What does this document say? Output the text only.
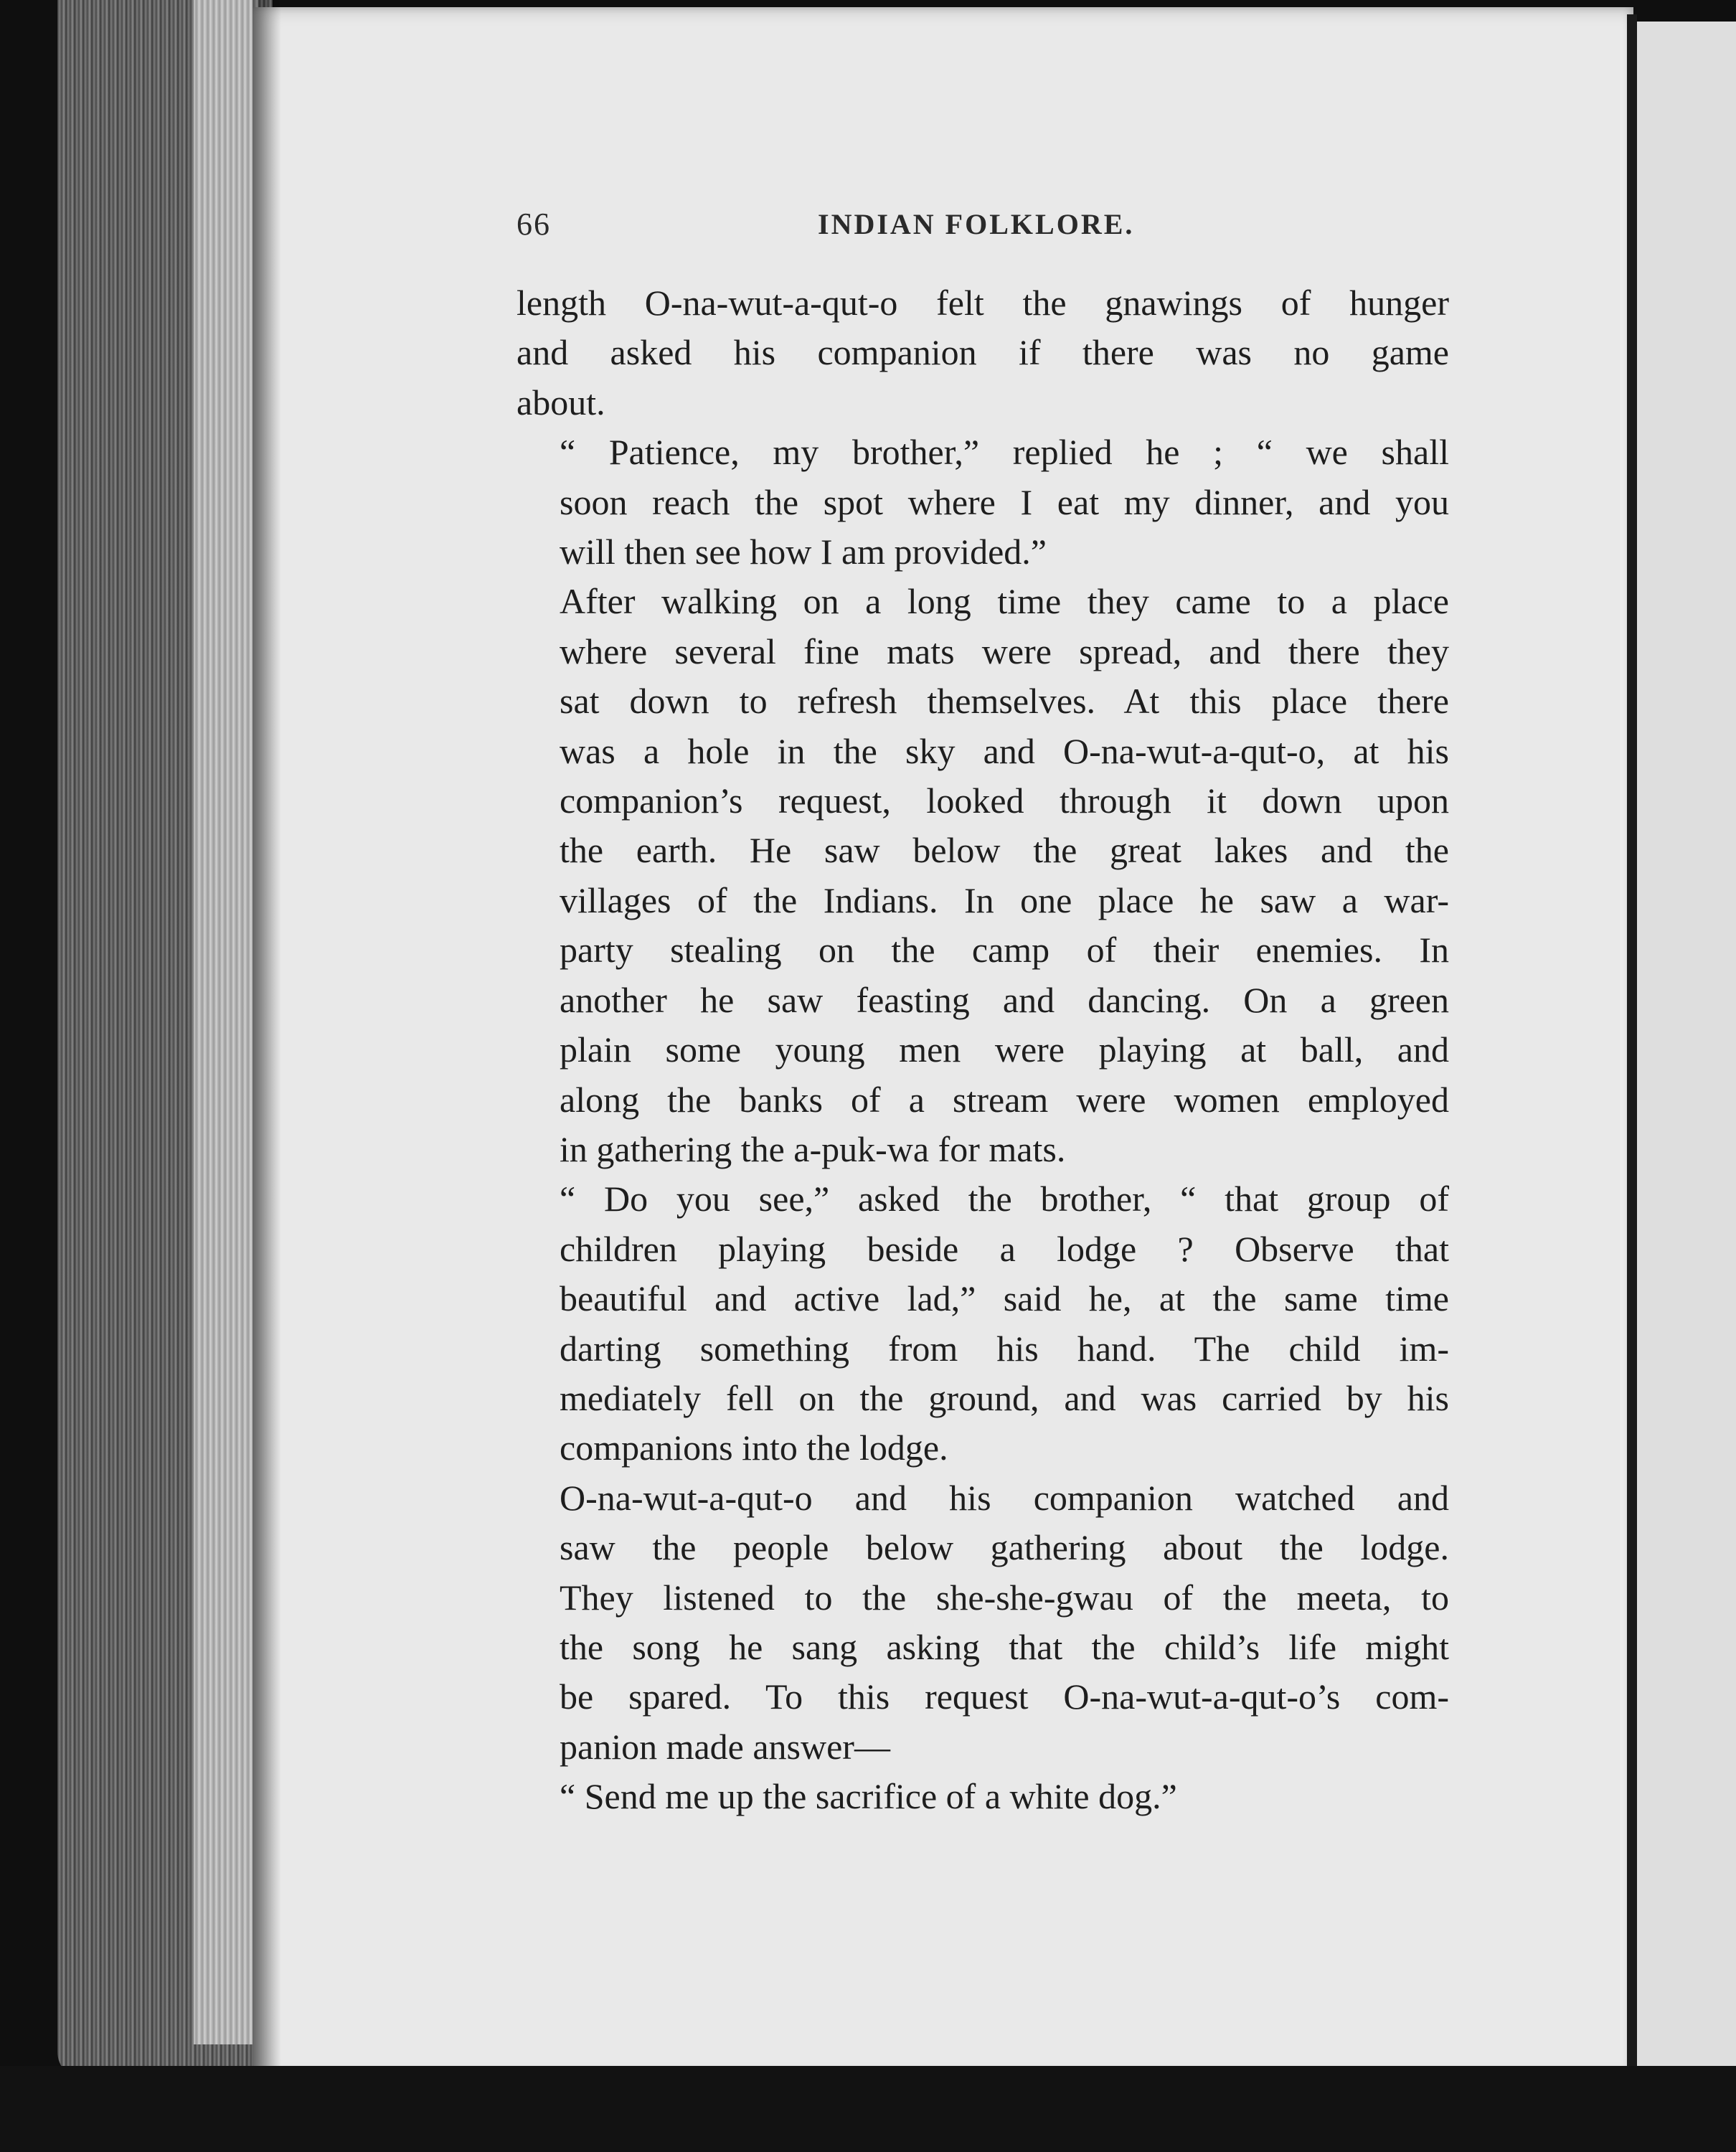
66	INDIAN FOLKLORE.

length O-na-wut-a-qut-o felt the gnawings of hunger
and asked his companion if there was no game
about.

“ Patience, my brother,” replied he ; “ we shall
soon reach the spot where I eat my dinner, and you
will then see how I am provided.”

After walking on a long time they came to a place
where several fine mats were spread, and there they
sat down to refresh themselves. At this place there
was a hole in the sky and O-na-wut-a-qut-o, at his
companion’s request, looked through it down upon
the earth. He saw below the great lakes and the
villages of the Indians. In one place he saw a war-
party stealing on the camp of their enemies. In
another he saw feasting and dancing. On a green
plain some young men were playing at ball, and
along the banks of a stream were women employed
in gathering the a-puk-wa for mats.

“ Do you see,” asked the brother, “ that group of
children playing beside a lodge ? Observe that
beautiful and active lad,” said he, at the same time
darting something from his hand. The child im-
mediately fell on the ground, and was carried by his
companions into the lodge.

O-na-wut-a-qut-o and his companion watched and
saw the people below gathering about the lodge.
They listened to the she-she-gwau of the meeta, to
the song he sang asking that the child’s life might
be spared. To this request O-na-wut-a-qut-o’s com-
panion made answer—

“ Send me up the sacrifice of a white dog.”
